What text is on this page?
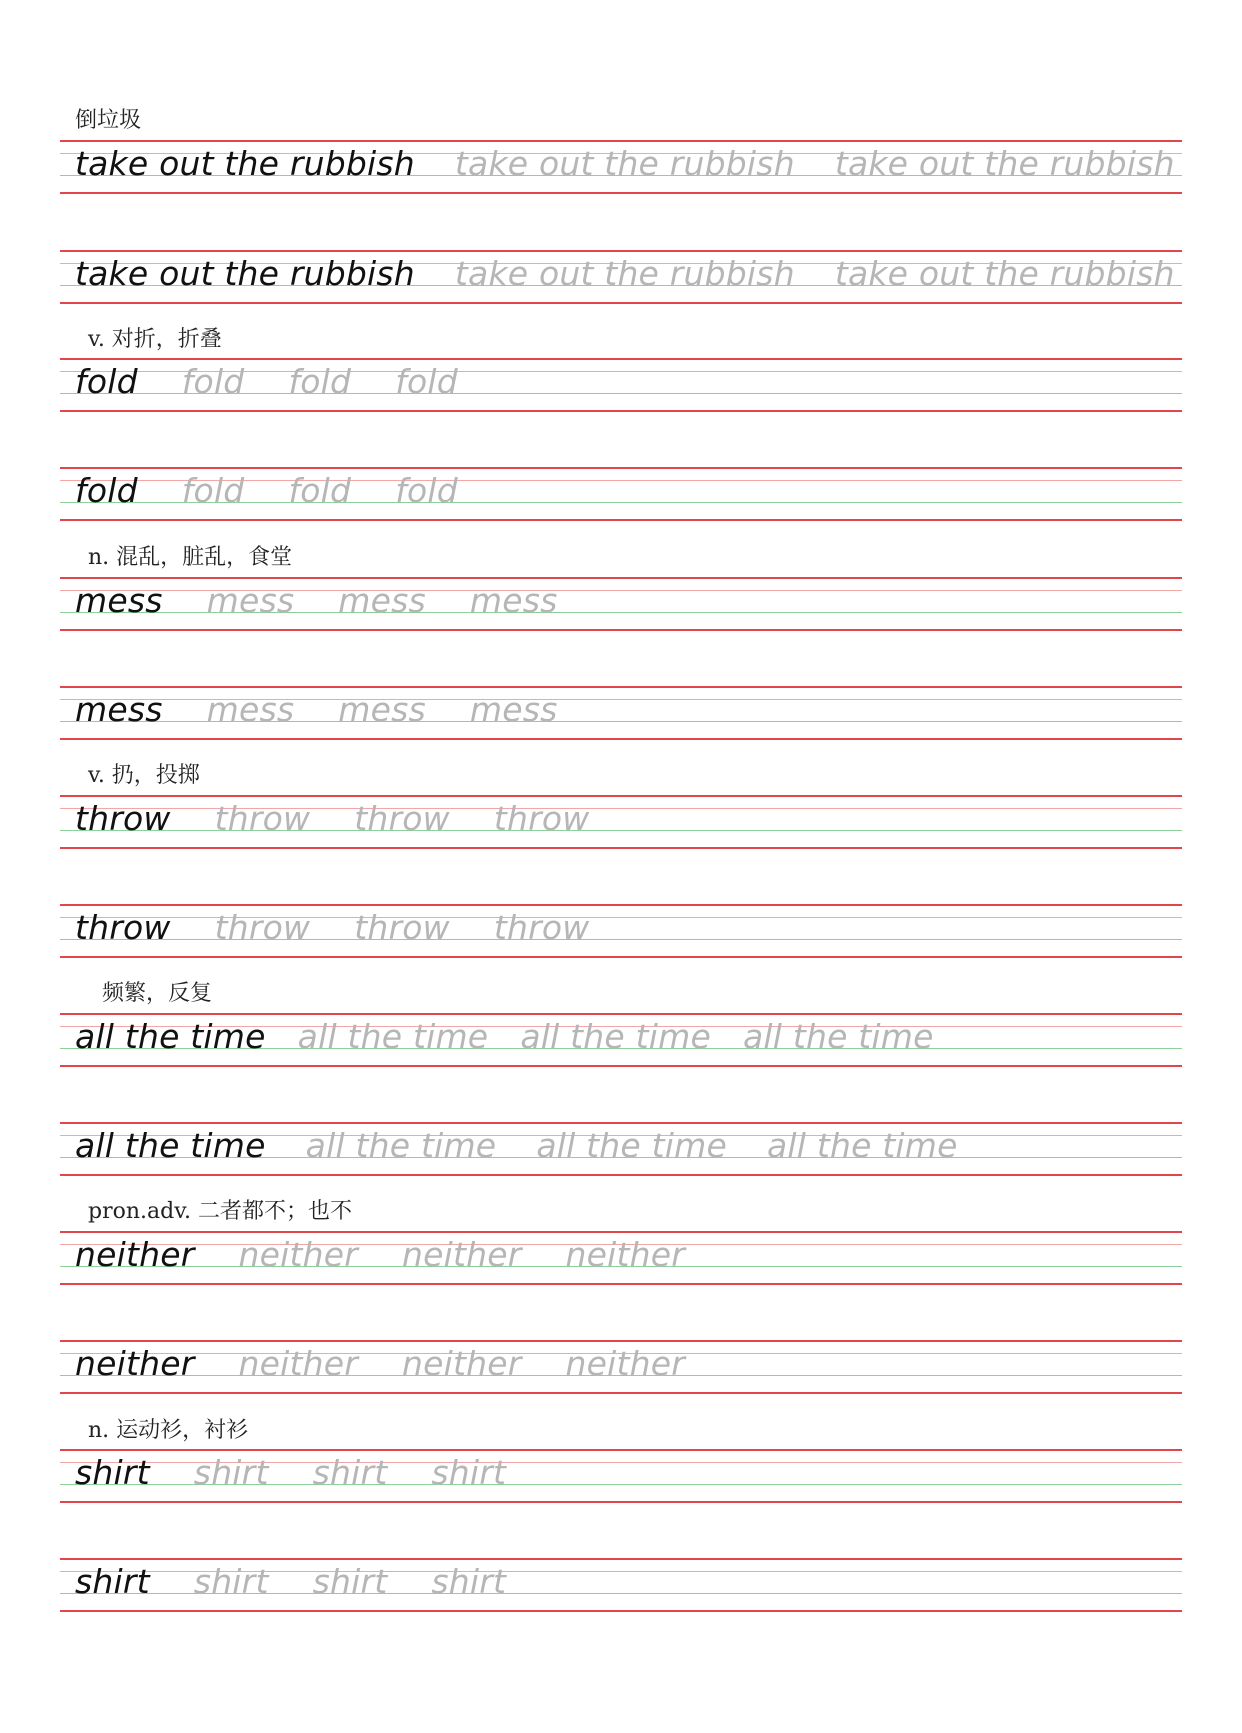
倒垃圾
take out the rubbish take out the rubbish take out the rubbish
take out the rubbish take out the rubbish take out the rubbish
v. 对折，折叠
fold fold fold fold
fold fold fold fold
n. 混乱，脏乱，食堂
mess mess mess mess
mess mess mess mess
v. 扔，投掷
throw throw throw throw
throw throw throw throw
频繁，反复
all the time all the time all the time all the time
all the time all the time all the time all the time
pron.adv. 二者都不；也不
neither neither neither neither
neither neither neither neither
n. 运动衫，衬衫
shirt shirt shirt shirt
shirt shirt shirt shirt
